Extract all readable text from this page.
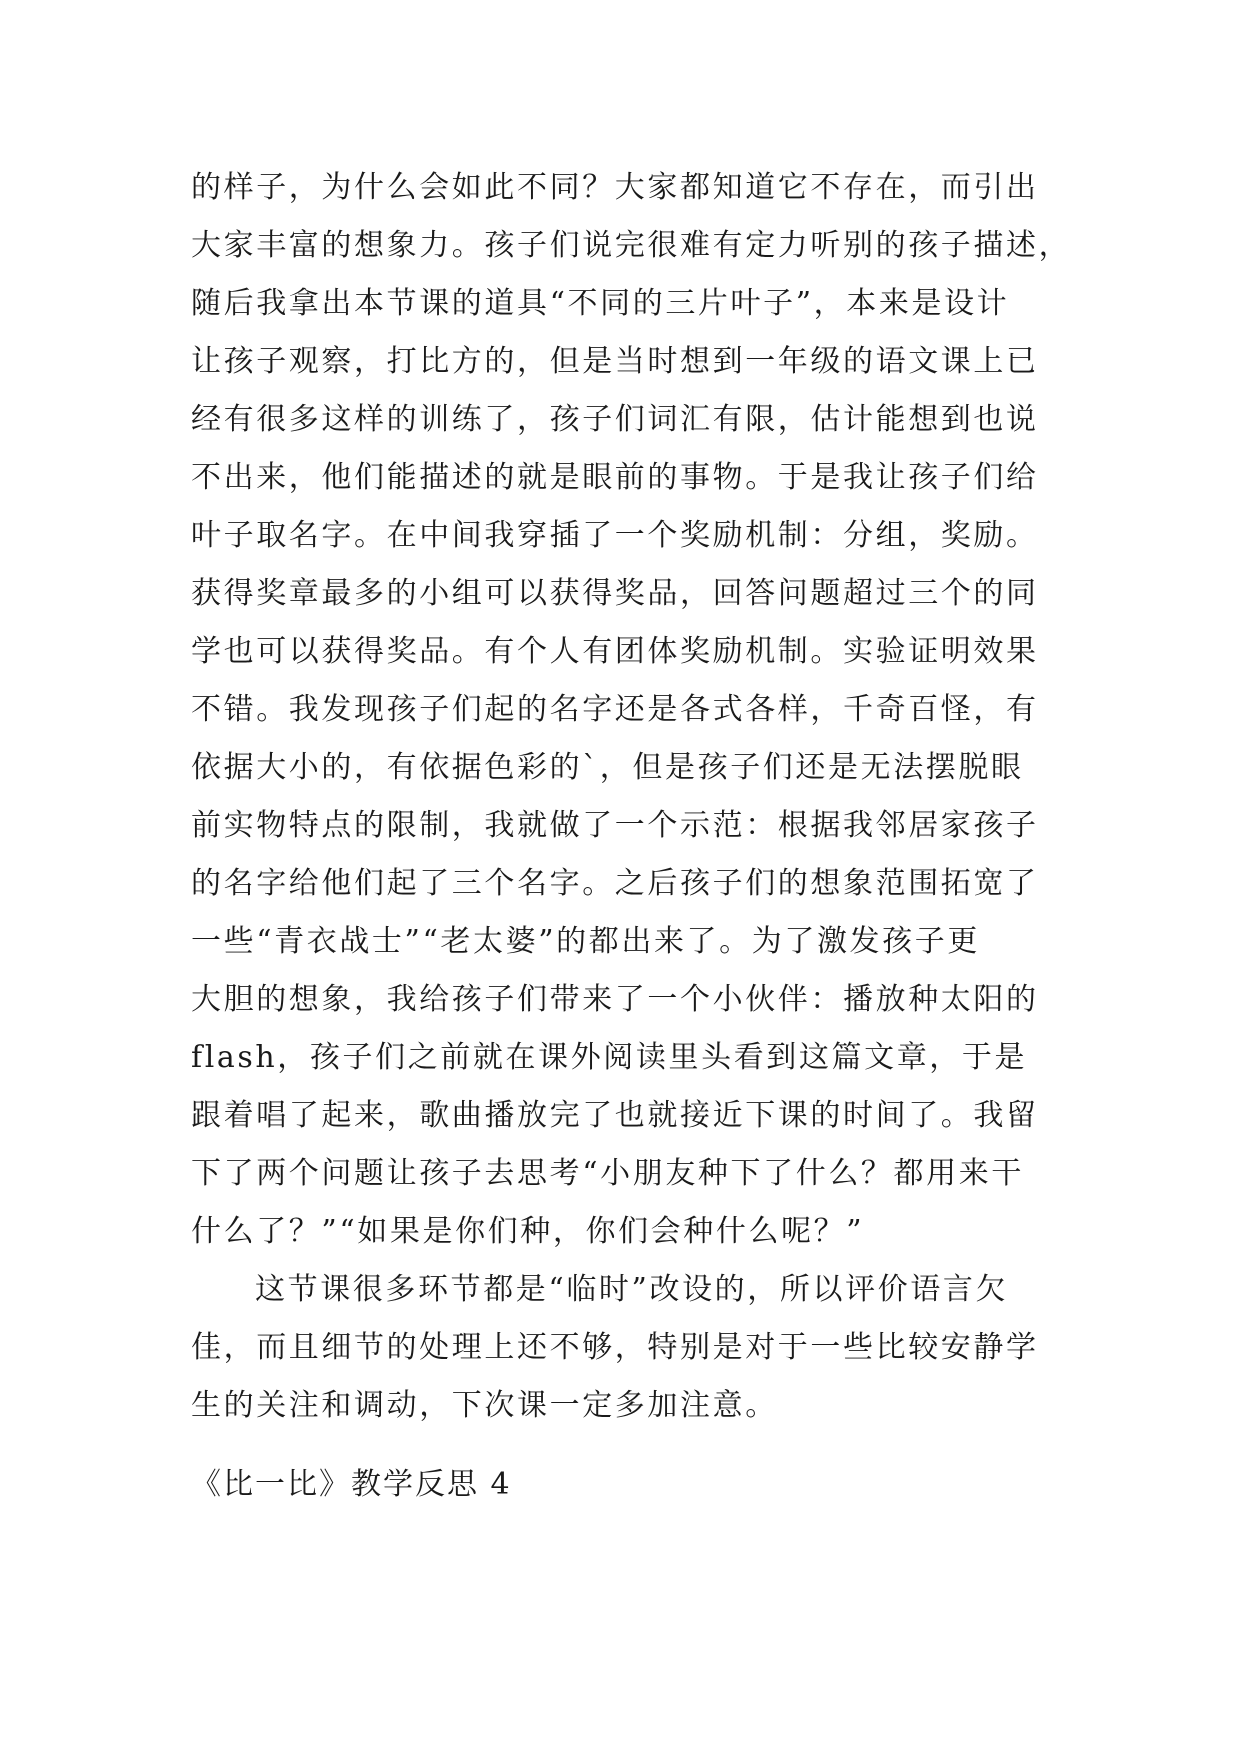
的样子，为什么会如此不同？大家都知道它不存在，而引出
大家丰富的想象力。孩子们说完很难有定力听别的孩子描述，
随后我拿出本节课的道具“不同的三片叶子”，本来是设计
让孩子观察，打比方的，但是当时想到一年级的语文课上已
经有很多这样的训练了，孩子们词汇有限，估计能想到也说
不出来，他们能描述的就是眼前的事物。于是我让孩子们给
叶子取名字。在中间我穿插了一个奖励机制：分组，奖励。
获得奖章最多的小组可以获得奖品，回答问题超过三个的同
学也可以获得奖品。有个人有团体奖励机制。实验证明效果
不错。我发现孩子们起的名字还是各式各样，千奇百怪，有
依据大小的，有依据色彩的`，但是孩子们还是无法摆脱眼
前实物特点的限制，我就做了一个示范：根据我邻居家孩子
的名字给他们起了三个名字。之后孩子们的想象范围拓宽了
一些“青衣战士”“老太婆”的都出来了。为了激发孩子更
大胆的想象，我给孩子们带来了一个小伙伴：播放种太阳的
flash，孩子们之前就在课外阅读里头看到这篇文章，于是
跟着唱了起来，歌曲播放完了也就接近下课的时间了。我留
下了两个问题让孩子去思考“小朋友种下了什么？都用来干
什么了？”“如果是你们种，你们会种什么呢？”
这节课很多环节都是“临时”改设的，所以评价语言欠
佳，而且细节的处理上还不够，特别是对于一些比较安静学
生的关注和调动，下次课一定多加注意。
《比一比》教学反思 4
